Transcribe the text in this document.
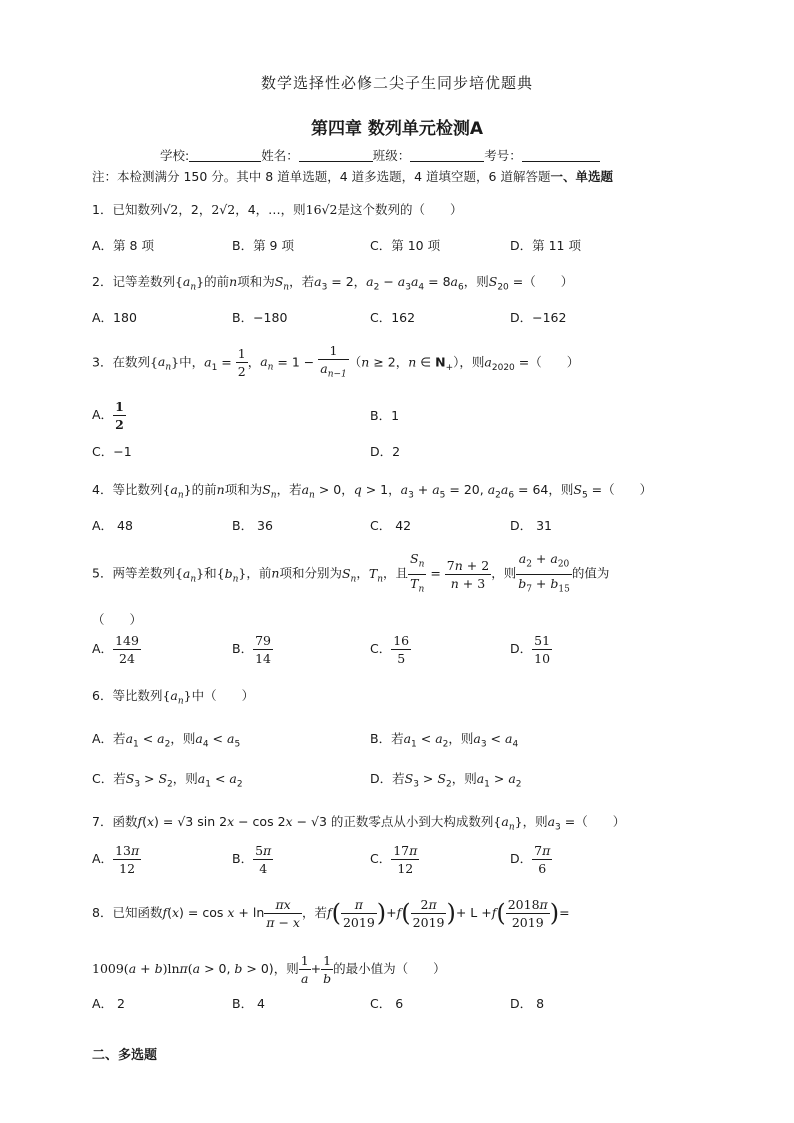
数学选择性必修二尖子生同步培优题典
第四章 数列单元检测A
学校:	姓名：	班级：	考号：
注：本检测满分 150 分。其中 8 道单选题，4 道多选题，4 道填空题，6 道解答题一、单选题
1．已知数列√2，2，2√2，4，…，则16√2是这个数列的（　　）
A．第 8 项	B．第 9 项	C．第 10 项	D．第 11 项
2．记等差数列$\{a_n\}$的前n项和为$S_n$，若$a_3 = 2$，$a_2 - a_3a_4 = 8a_6$，则$S_{20}$ =（　　）
A．180	B．−180	C．162	D．−162
3．在数列$\{a_n\}$中，$a_1 = \frac{1}{2}$ ，$a_n = 1 - \frac{1}{a_{n-1}} (n \ge 2$，n ∈ $N_+$），则$a_{2020}$ =（　　）
A． $\frac{1}{2}$	B．1
C．−1	D．2
4．等比数列$\{a_n\}$的前n项和为$S_n$，若$a_n > 0$，q > 1，$a_3 + a_5 = 20$, $a_2a_6 = 64$，则$S_5$ =（　　）
A． 48	B． 36	C． 42	D． 31
5．两等差数列$\{a_n\}$和$\{b_n\}$，前n项和分别为$S_n$，$T_n$，且 $\frac{S_n}{T_n} = \frac{7n + 2}{n + 3}$ ，则 $\frac{a_2 + a_{20}}{b_7 + b_{15}}$ 的值为
（　　）
A． $\frac{149}{24}$	B． $\frac{79}{14}$	C． $\frac{16}{5}$	D． $\frac{51}{10}$
6．等比数列$\{a_n\}$中（　　）
A．若$a_1 < a_2$，则$a_4 < a_5$	B．若$a_1 < a_2$，则$a_3 < a_4$
C．若$S_3 > S_2$，则$a_1 < a_2$	D．若$S_3 > S_2$，则$a_1 > a_2$
7．函数f(x) = √3 sin 2x − cos 2x − √3 的正数零点从小到大构成数列$\{a_n\}$，则$a_3$ =（　　）
A． $\frac{13\pi}{12}$	B． $\frac{5\pi}{4}$	C． $\frac{17\pi}{12}$	D． $\frac{7\pi}{6}$
8．已知函数$f(x) = \cos x + \ln \frac{\pi x}{\pi - x}$ ，若$f( \frac{\pi}{2019} )+f( \frac{2\pi}{2019}$ )+ $L +f( \frac{2018\pi}{2019}$ )=
1009(a + b)lnπ(a > 0, b > 0)，则 $\frac{1}{a} + \frac{1}{b}$ 的最小值为（　　）
A． 2	B． 4	C． 6	D． 8
二、多选题
